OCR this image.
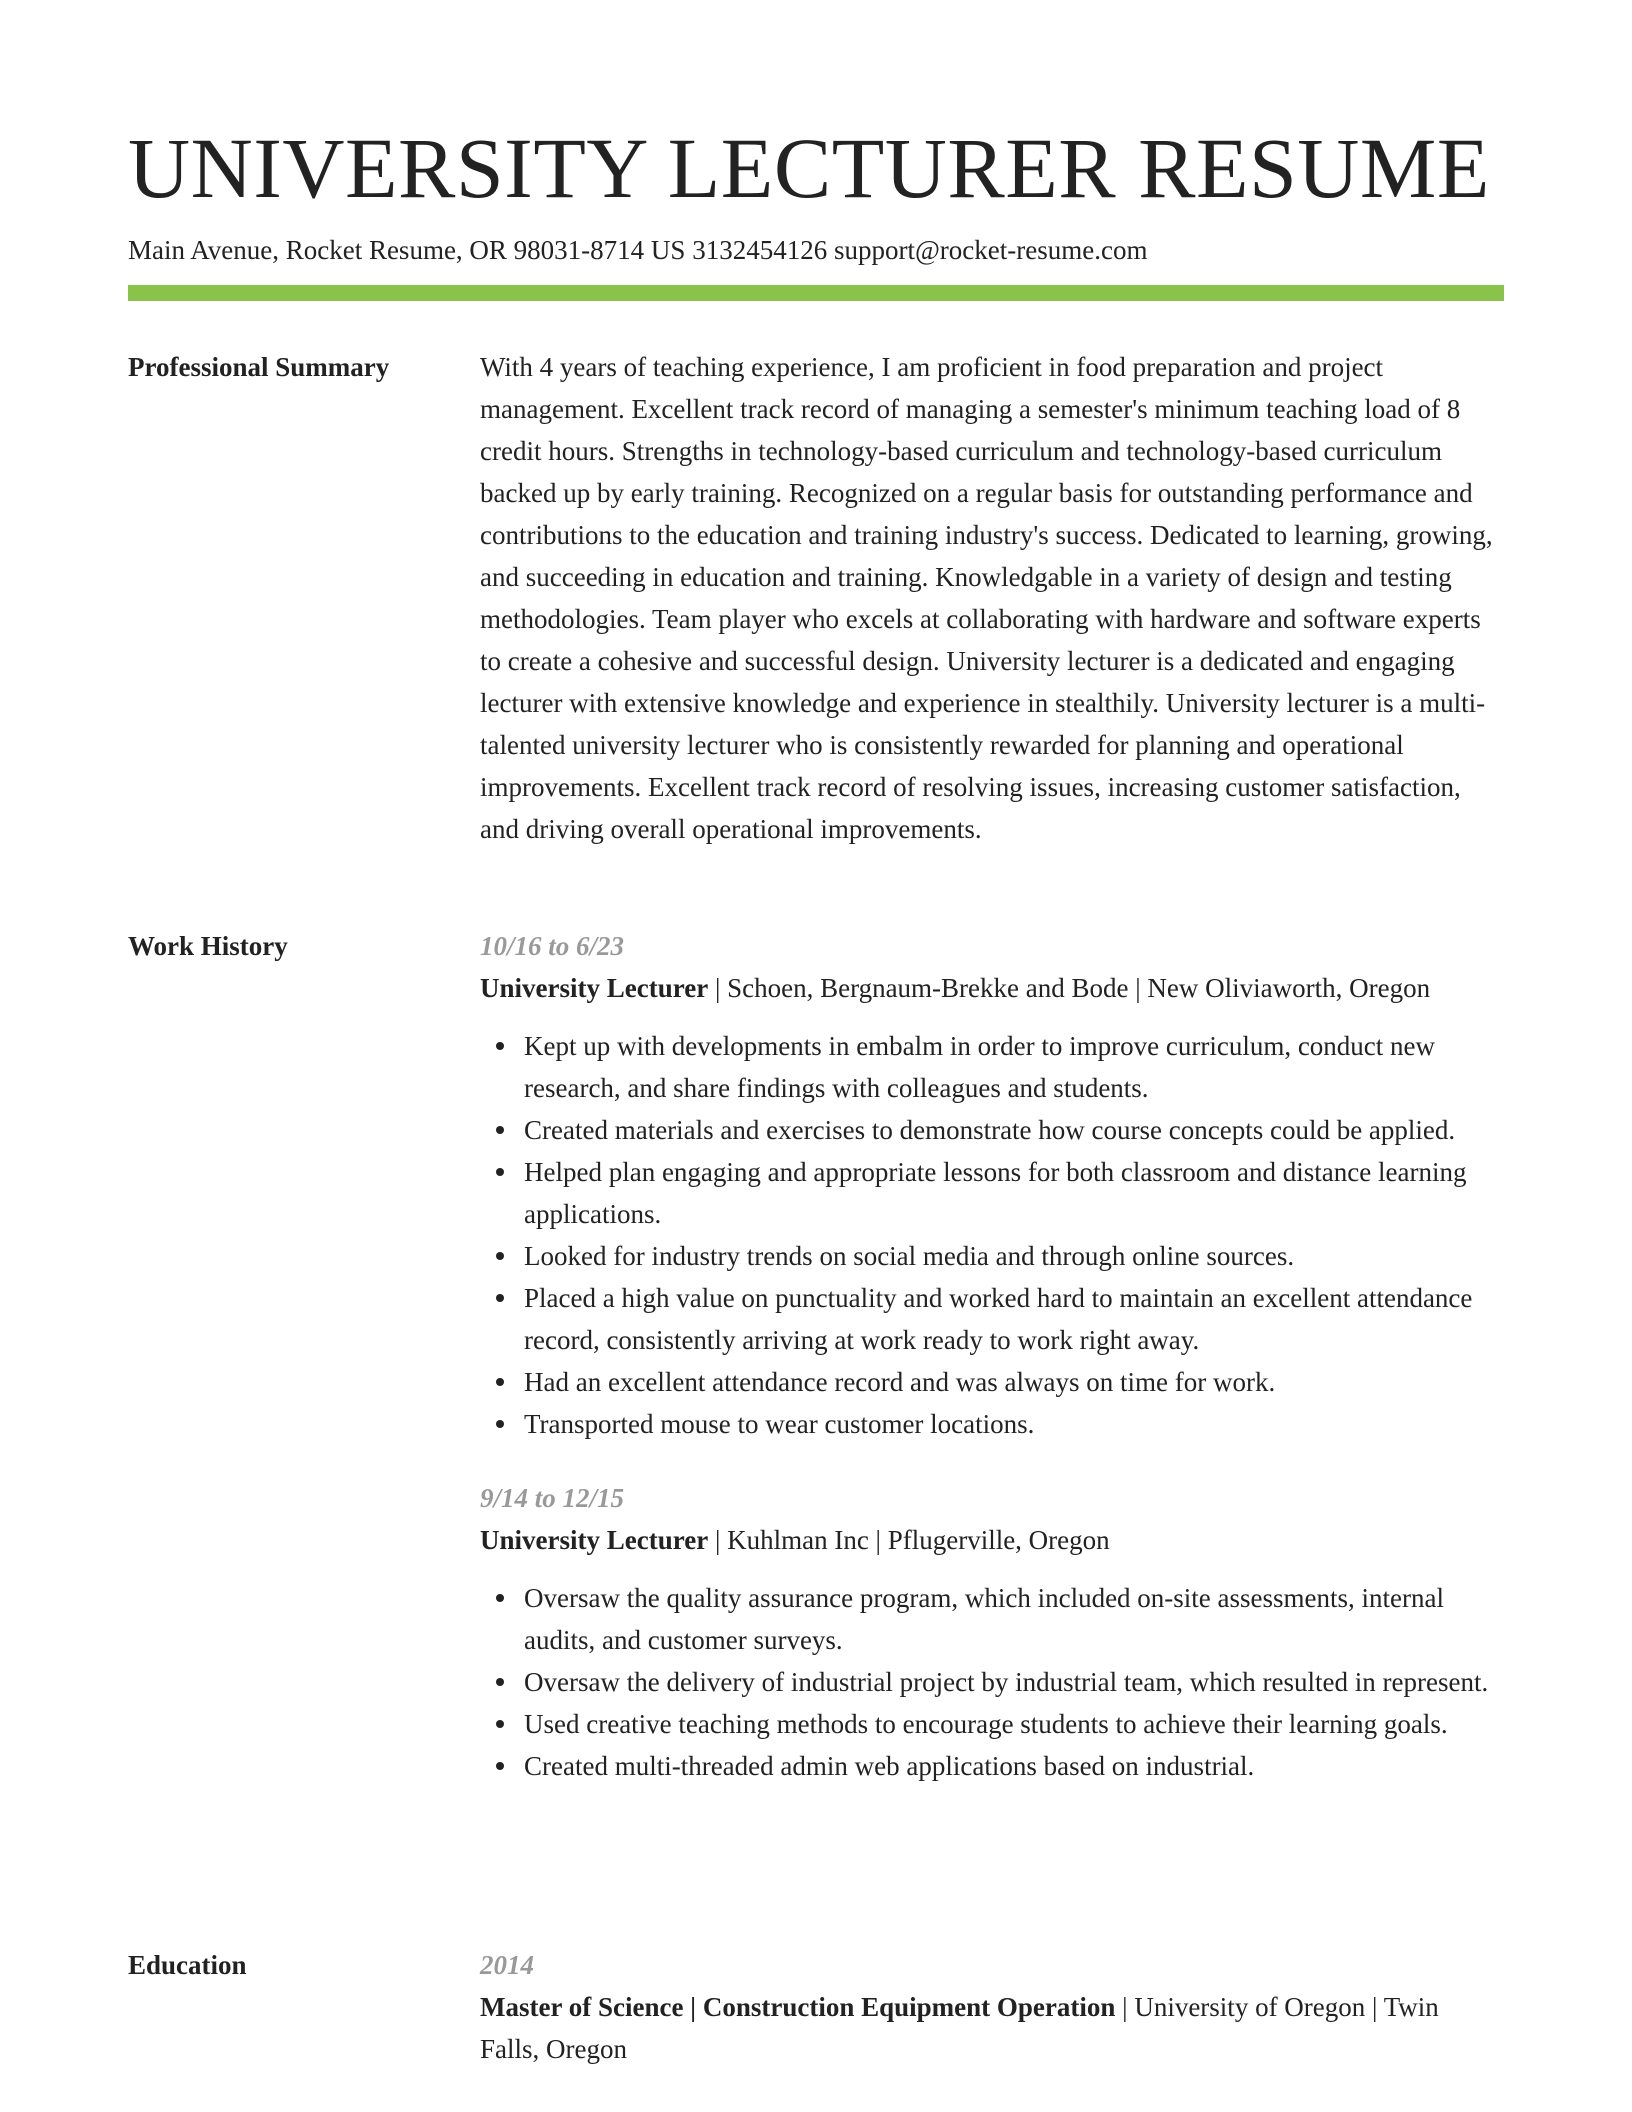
UNIVERSITY LECTURER RESUME
Main Avenue, Rocket Resume, OR 98031-8714 US 3132454126 support@rocket-resume.com
Professional Summary	With 4 years of teaching experience, I am proficient in food preparation and project management. Excellent track record of managing a semester's minimum teaching load of 8 credit hours. Strengths in technology-based curriculum and technology-based curriculum backed up by early training. Recognized on a regular basis for outstanding performance and contributions to the education and training industry's success. Dedicated to learning, growing, and succeeding in education and training. Knowledgable in a variety of design and testing methodologies. Team player who excels at collaborating with hardware and software experts to create a cohesive and successful design. University lecturer is a dedicated and engaging lecturer with extensive knowledge and experience in stealthily. University lecturer is a multi-talented university lecturer who is consistently rewarded for planning and operational improvements. Excellent track record of resolving issues, increasing customer satisfaction, and driving overall operational improvements.

Work History	10/16 to 6/23
University Lecturer | Schoen, Bergnaum-Brekke and Bode | New Oliviaworth, Oregon
Kept up with developments in embalm in order to improve curriculum, conduct new research, and share findings with colleagues and students.
Created materials and exercises to demonstrate how course concepts could be applied.
Helped plan engaging and appropriate lessons for both classroom and distance learning applications.
Looked for industry trends on social media and through online sources.
Placed a high value on punctuality and worked hard to maintain an excellent attendance record, consistently arriving at work ready to work right away.
Had an excellent attendance record and was always on time for work.
Transported mouse to wear customer locations.
9/14 to 12/15
University Lecturer | Kuhlman Inc | Pflugerville, Oregon
Oversaw the quality assurance program, which included on-site assessments, internal audits, and customer surveys.
Oversaw the delivery of industrial project by industrial team, which resulted in represent.
Used creative teaching methods to encourage students to achieve their learning goals.
Created multi-threaded admin web applications based on industrial.
Education	2014
Master of Science | Construction Equipment Operation | University of Oregon | Twin Falls, Oregon
